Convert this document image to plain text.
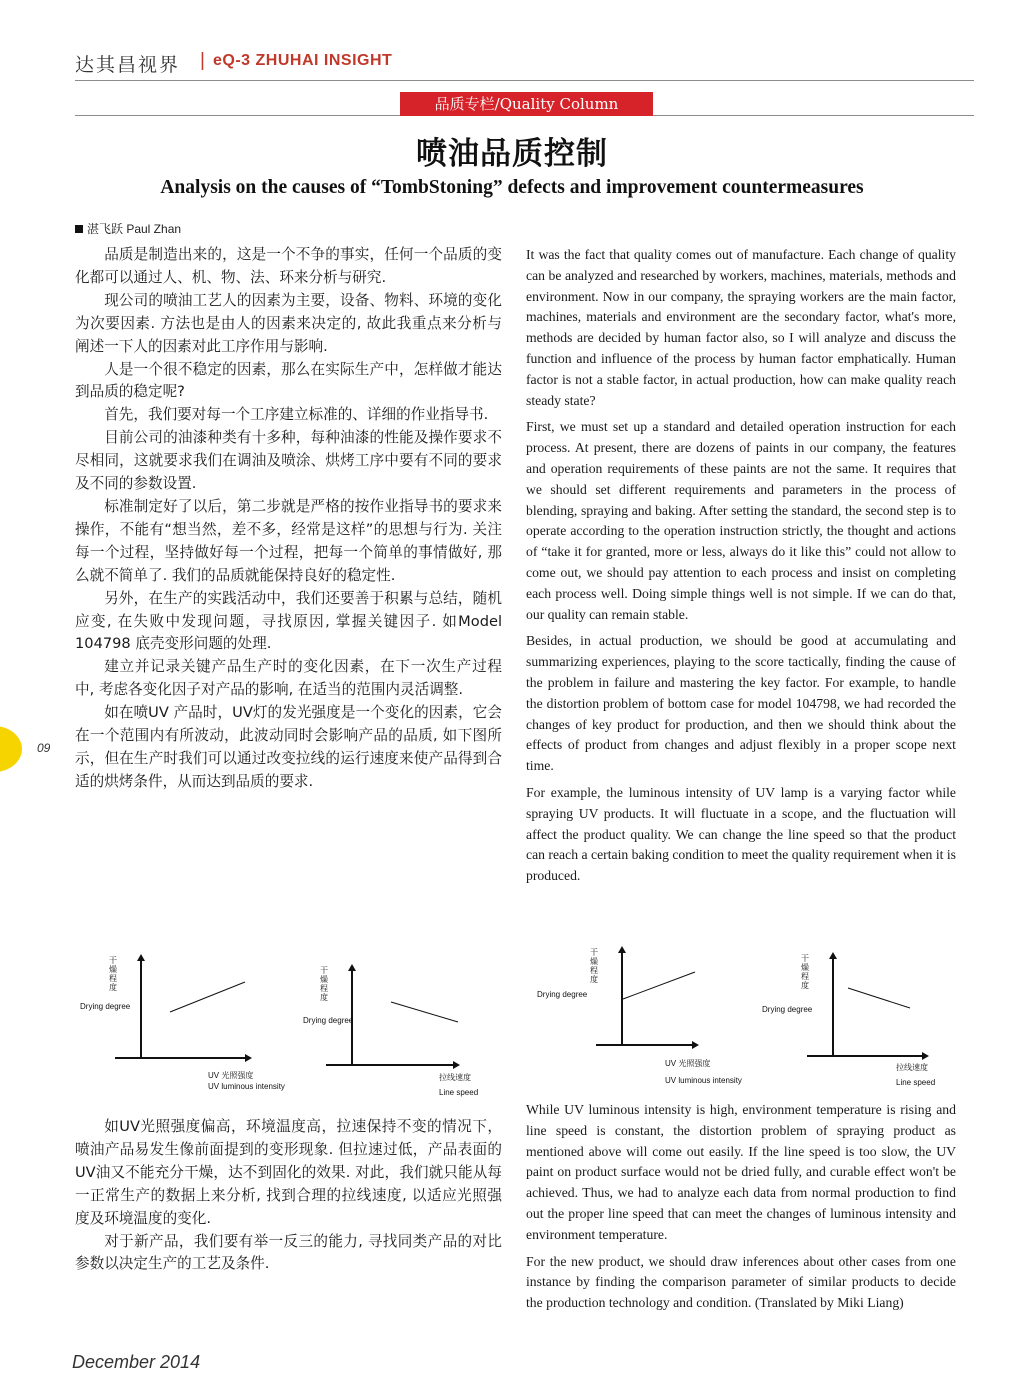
达其昌视界 | eQ-3 ZHUHAI INSIGHT
品质专栏/Quality Column
喷油品质控制
Analysis on the causes of “TombStoning” defects and improvement countermeasures
湛飞跃 Paul Zhan

品质是制造出来的，这是一个不争的事实，任何一个品质的变化都可以通过人、机、物、法、环来分析与研究.

现公司的喷油工艺人的因素为主要，设备、物料、环境的变化为次要因素. 方法也是由人的因素来决定的, 故此我重点来分析与阐述一下人的因素对此工序作用与影响.

人是一个很不稳定的因素，那么在实际生产中，怎样做才能达到品质的稳定呢?

首先，我们要对每一个工序建立标准的、详细的作业指导书.

目前公司的油漆种类有十多种，每种油漆的性能及操作要求不尽相同，这就要求我们在调油及喷涂、烘烤工序中要有不同的要求及不同的参数设置.

标准制定好了以后，第二步就是严格的按作业指导书的要求来操作，不能有“想当然，差不多，经常是这样”的思想与行为. 关注每一个过程，坚持做好每一个过程，把每一个简单的事情做好, 那么就不简单了. 我们的品质就能保持良好的稳定性.

另外，在生产的实践活动中，我们还要善于积累与总结，随机应变, 在失败中发现问题，寻找原因, 掌握关键因子. 如Model 104798 底壳变形问题的处理.

建立并记录关键产品生产时的变化因素，在下一次生产过程中, 考虑各变化因子对产品的影响, 在适当的范围内灵活调整.

如在喷UV 产品时，UV灯的发光强度是一个变化的因素，它会在一个范围内有所波动，此波动同时会影响产品的品质, 如下图所示，但在生产时我们可以通过改变拉线的运行速度来使产品得到合适的烘烤条件，从而达到品质的要求.

如UV光照强度偏高，环境温度高，拉速保持不变的情况下，喷油产品易发生像前面提到的变形现象. 但拉速过低，产品表面的UV油又不能充分干燥，达不到固化的效果. 对此，我们就只能从每一正常生产的数据上来分析, 找到合理的拉线速度, 以适应光照强度及环境温度的变化.

对于新产品，我们要有举一反三的能力, 寻找同类产品的对比参数以决定生产的工艺及条件.

It was the fact that quality comes out of manufacture. Each change of quality can be analyzed and researched by workers, machines, materials, methods and environment. Now in our company, the spraying workers are the main factor, machines, materials and environment are the secondary factor, what's more, methods are decided by human factor also, so I will analyze and discuss the function and influence of the process by human factor emphatically. Human factor is not a stable factor, in actual production, how can make quality reach steady state?

First, we must set up a standard and detailed operation instruction for each process. At present, there are dozens of paints in our company, the features and operation requirements of these paints are not the same. It requires that we should set different requirements and parameters in the process of blending, spraying and baking. After setting the standard, the second step is to operate according to the operation instruction strictly, the thought and actions of “take it for granted, more or less, always do it like this” could not allow to come out, we should pay attention to each process and insist on completing each process well. Doing simple things well is not simple. If we can do that, our quality can remain stable.

Besides, in actual production, we should be good at accumulating and summarizing experiences, playing to the score tactically, finding the cause of the problem in failure and mastering the key factor. For example, to handle the distortion problem of bottom case for model 104798, we had recorded the changes of key product for production, and then we should think about the effects of product from changes and adjust flexibly in a proper scope next time.

For example, the luminous intensity of UV lamp is a varying factor while spraying UV products. It will fluctuate in a scope, and the fluctuation will affect the product quality. We can change the line speed so that the product can reach a certain baking condition to meet the quality requirement when it is produced.

While UV luminous intensity is high, environment temperature is rising and line speed is constant, the distortion problem of spraying product as mentioned above will come out easily. If the line speed is too slow, the UV paint on product surface would not be dried fully, and curable effect won't be achieved. Thus, we had to analyze each data from normal production to find out the proper line speed that can meet the changes of luminous intensity and environment temperature.

For the new product, we should draw inferences about other cases from one instance by finding the comparison parameter of similar products to decide the production technology and condition. (Translated by Miki Liang)

干燥程度
Drying degree
UV 光照强度
UV luminous intensity
干燥程度
Drying degree
拉线速度
Line speed
干燥程度
Drying degree
UV 光照强度
UV luminous intensity
干燥程度
Drying degree
拉线速度
Line speed
09
December 2014
